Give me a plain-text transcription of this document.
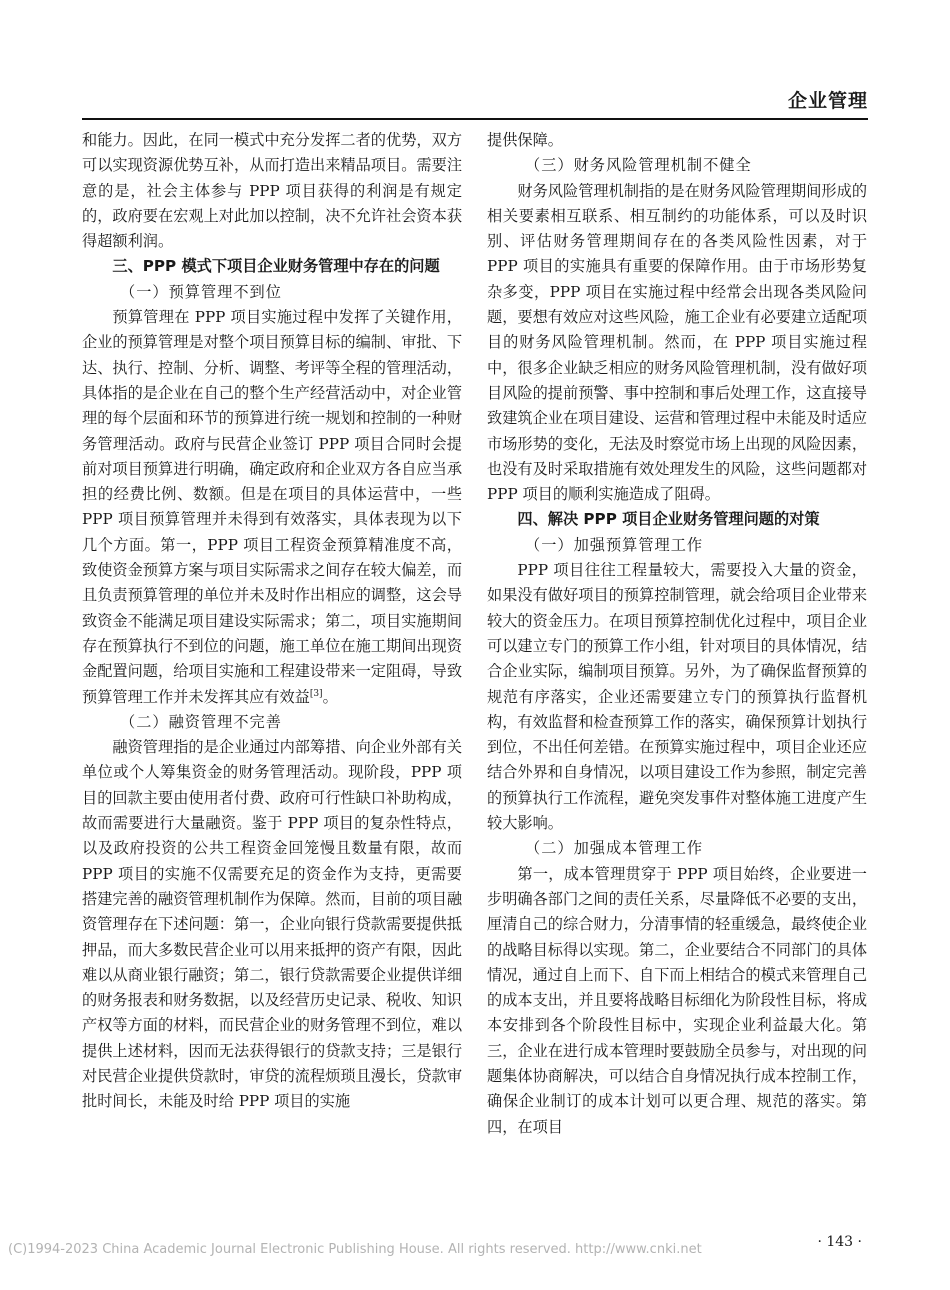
企业管理

和能力。因此，在同一模式中充分发挥二者的优势，双方可以实现资源优势互补，从而打造出来精品项目。需要注意的是，社会主体参与 PPP 项目获得的利润是有规定的，政府要在宏观上对此加以控制，决不允许社会资本获得超额利润。

三、PPP 模式下项目企业财务管理中存在的问题
（一）预算管理不到位

预算管理在 PPP 项目实施过程中发挥了关键作用，企业的预算管理是对整个项目预算目标的编制、审批、下达、执行、控制、分析、调整、考评等全程的管理活动，具体指的是企业在自己的整个生产经营活动中，对企业管理的每个层面和环节的预算进行统一规划和控制的一种财务管理活动。政府与民营企业签订 PPP 项目合同时会提前对项目预算进行明确，确定政府和企业双方各自应当承担的经费比例、数额。但是在项目的具体运营中，一些 PPP 项目预算管理并未得到有效落实，具体表现为以下几个方面。第一，PPP 项目工程资金预算精准度不高，致使资金预算方案与项目实际需求之间存在较大偏差，而且负责预算管理的单位并未及时作出相应的调整，这会导致资金不能满足项目建设实际需求；第二，项目实施期间存在预算执行不到位的问题，施工单位在施工期间出现资金配置问题，给项目实施和工程建设带来一定阻碍，导致预算管理工作并未发挥其应有效益[3]。

（二）融资管理不完善

融资管理指的是企业通过内部筹措、向企业外部有关单位或个人筹集资金的财务管理活动。现阶段，PPP 项目的回款主要由使用者付费、政府可行性缺口补助构成，故而需要进行大量融资。鉴于 PPP 项目的复杂性特点，以及政府投资的公共工程资金回笼慢且数量有限，故而 PPP 项目的实施不仅需要充足的资金作为支持，更需要搭建完善的融资管理机制作为保障。然而，目前的项目融资管理存在下述问题：第一，企业向银行贷款需要提供抵押品，而大多数民营企业可以用来抵押的资产有限，因此难以从商业银行融资；第二，银行贷款需要企业提供详细的财务报表和财务数据，以及经营历史记录、税收、知识产权等方面的材料，而民营企业的财务管理不到位，难以提供上述材料，因而无法获得银行的贷款支持；三是银行对民营企业提供贷款时，审贷的流程烦琐且漫长，贷款审批时间长，未能及时给 PPP 项目的实施

提供保障。

（三）财务风险管理机制不健全

财务风险管理机制指的是在财务风险管理期间形成的相关要素相互联系、相互制约的功能体系，可以及时识别、评估财务管理期间存在的各类风险性因素，对于 PPP 项目的实施具有重要的保障作用。由于市场形势复杂多变，PPP 项目在实施过程中经常会出现各类风险问题，要想有效应对这些风险，施工企业有必要建立适配项目的财务风险管理机制。然而，在 PPP 项目实施过程中，很多企业缺乏相应的财务风险管理机制，没有做好项目风险的提前预警、事中控制和事后处理工作，这直接导致建筑企业在项目建设、运营和管理过程中未能及时适应市场形势的变化，无法及时察觉市场上出现的风险因素，也没有及时采取措施有效处理发生的风险，这些问题都对 PPP 项目的顺利实施造成了阻碍。

四、解决 PPP 项目企业财务管理问题的对策
（一）加强预算管理工作

PPP 项目往往工程量较大，需要投入大量的资金，如果没有做好项目的预算控制管理，就会给项目企业带来较大的资金压力。在项目预算控制优化过程中，项目企业可以建立专门的预算工作小组，针对项目的具体情况，结合企业实际，编制项目预算。另外，为了确保监督预算的规范有序落实，企业还需要建立专门的预算执行监督机构，有效监督和检查预算工作的落实，确保预算计划执行到位，不出任何差错。在预算实施过程中，项目企业还应结合外界和自身情况，以项目建设工作为参照，制定完善的预算执行工作流程，避免突发事件对整体施工进度产生较大影响。

（二）加强成本管理工作

第一，成本管理贯穿于 PPP 项目始终，企业要进一步明确各部门之间的责任关系，尽量降低不必要的支出，厘清自己的综合财力，分清事情的轻重缓急，最终使企业的战略目标得以实现。第二，企业要结合不同部门的具体情况，通过自上而下、自下而上相结合的模式来管理自己的成本支出，并且要将战略目标细化为阶段性目标，将成本安排到各个阶段性目标中，实现企业利益最大化。第三，企业在进行成本管理时要鼓励全员参与，对出现的问题集体协商解决，可以结合自身情况执行成本控制工作，确保企业制订的成本计划可以更合理、规范的落实。第四，在项目

· 143 ·

(C)1994-2023 China Academic Journal Electronic Publishing House. All rights reserved. http://www.cnki.net
